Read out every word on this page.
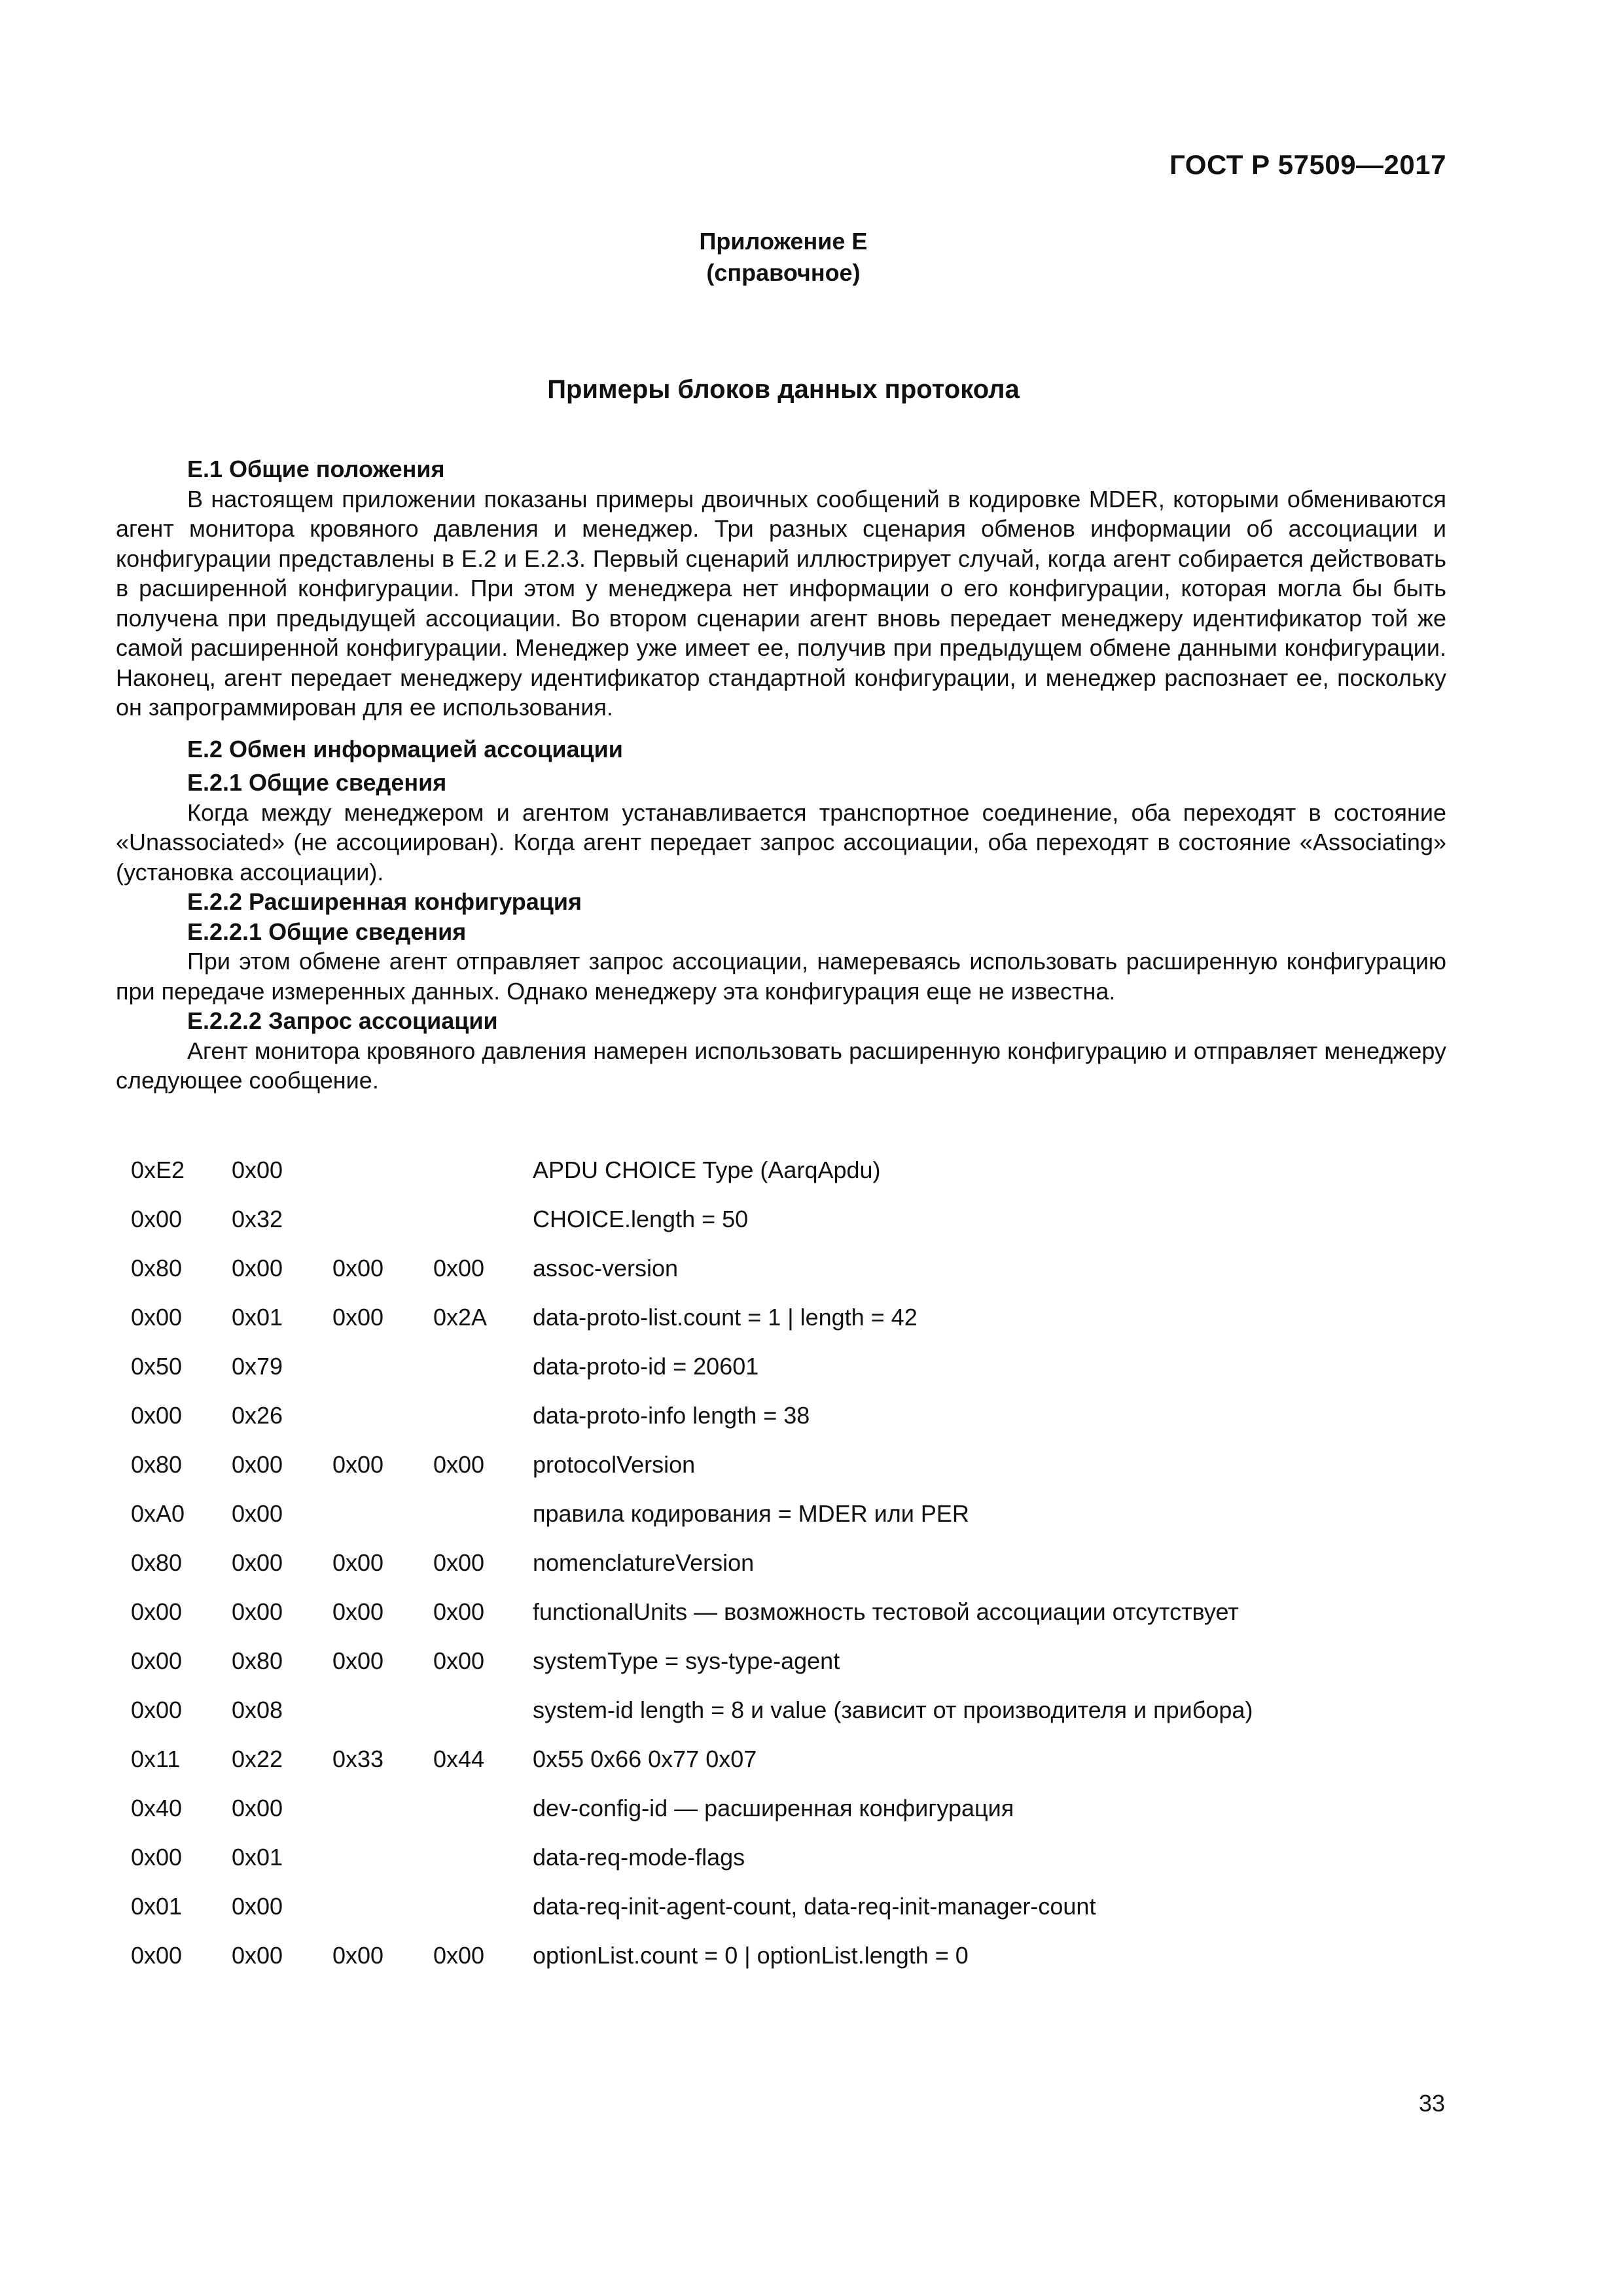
ГОСТ Р 57509—2017
Приложение Е
(справочное)
Примеры блоков данных протокола

Е.1 Общие положения

В настоящем приложении показаны примеры двоичных сообщений в кодировке MDER, которыми обмениваются агент монитора кровяного давления и менеджер. Три разных сценария обменов информации об ассоциации и конфигурации представлены в Е.2 и Е.2.3. Первый сценарий иллюстрирует случай, когда агент собирается действовать в расширенной конфигурации. При этом у менеджера нет информации о его конфигурации, которая могла бы быть получена при предыдущей ассоциации. Во втором сценарии агент вновь передает менеджеру идентификатор той же самой расширенной конфигурации. Менеджер уже имеет ее, получив при предыдущем обмене данными конфигурации. Наконец, агент передает менеджеру идентификатор стандартной конфигурации, и менеджер распознает ее, поскольку он запрограммирован для ее использования.

Е.2 Обмен информацией ассоциации

Е.2.1 Общие сведения

Когда между менеджером и агентом устанавливается транспортное соединение, оба переходят в состояние «Unassociated» (не ассоциирован). Когда агент передает запрос ассоциации, оба переходят в состояние «Associating» (установка ассоциации).

Е.2.2 Расширенная конфигурация

Е.2.2.1 Общие сведения

При этом обмене агент отправляет запрос ассоциации, намереваясь использовать расширенную конфигурацию при передаче измеренных данных. Однако менеджеру эта конфигурация еще не известна.

Е.2.2.2 Запрос ассоциации

Агент монитора кровяного давления намерен использовать расширенную конфигурацию и отправляет менеджеру следующее сообщение.

0xE2	0x00			APDU CHOICE Type (AarqApdu)
0x00	0x32			CHOICE.length = 50
0x80	0x00	0x00	0x00	assoc-version
0x00	0x01	0x00	0x2A	data-proto-list.count = 1 | length = 42
0x50	0x79			data-proto-id = 20601
0x00	0x26			data-proto-info length = 38
0x80	0x00	0x00	0x00	protocolVersion
0xA0	0x00			правила кодирования = MDER или PER
0x80	0x00	0x00	0x00	nomenclatureVersion
0x00	0x00	0x00	0x00	functionalUnits — возможность тестовой ассоциации отсутствует
0x00	0x80	0x00	0x00	systemType = sys-type-agent
0x00	0x08			system-id length = 8 и value (зависит от производителя и прибора)
0x11	0x22	0x33	0x44	0x55 0x66 0x77 0x07
0x40	0x00			dev-config-id — расширенная конфигурация
0x00	0x01			data-req-mode-flags
0x01	0x00			data-req-init-agent-count, data-req-init-manager-count
0x00	0x00	0x00	0x00	optionList.count = 0 | optionList.length = 0
33
